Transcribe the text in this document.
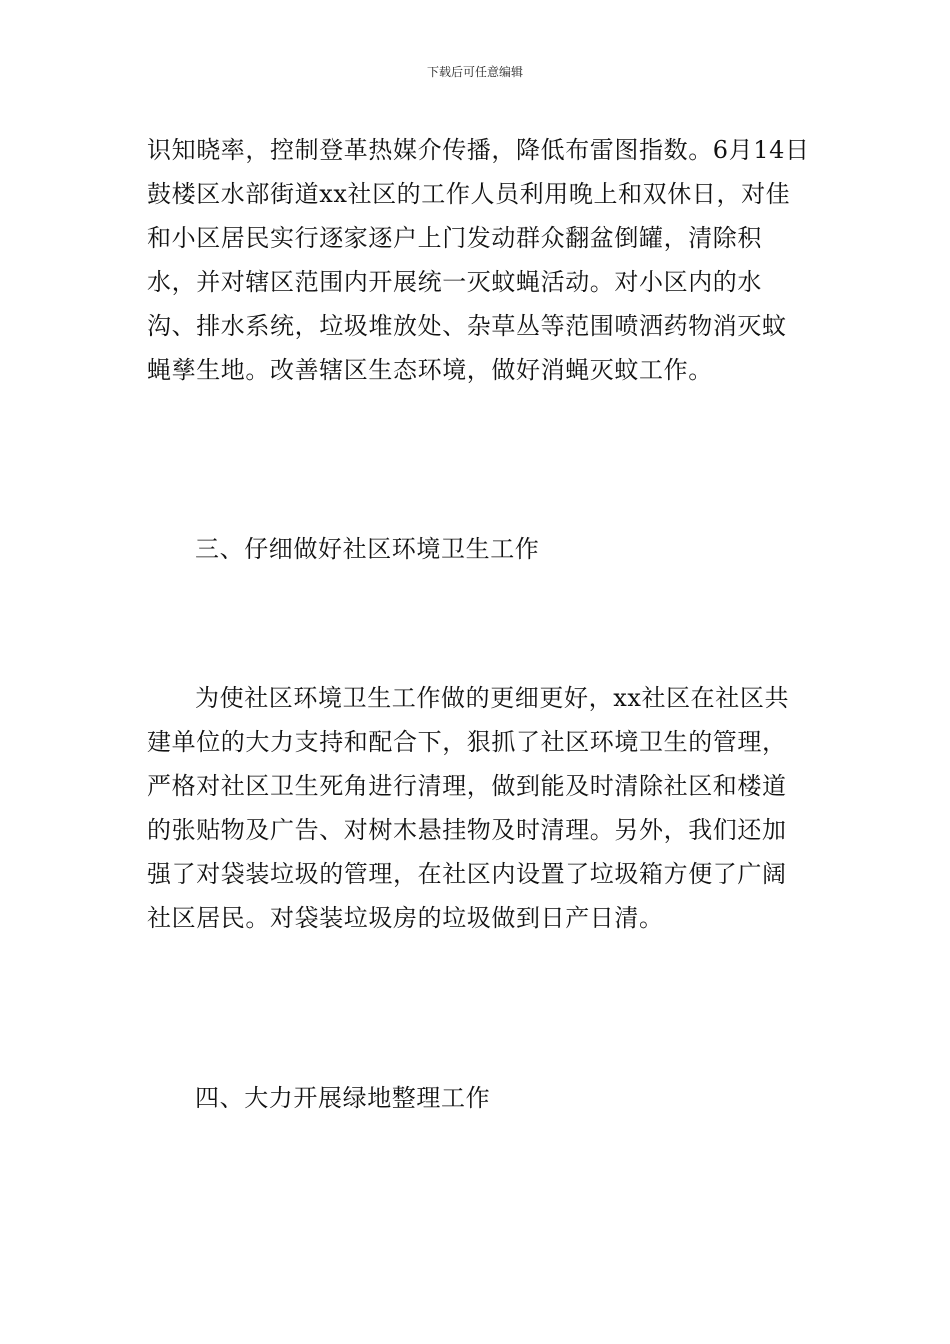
下载后可任意编辑

识知晓率，控制登革热媒介传播，降低布雷图指数。6月14日鼓楼区水部街道xx社区的工作人员利用晚上和双休日，对佳和小区居民实行逐家逐户上门发动群众翻盆倒罐，清除积水，并对辖区范围内开展统一灭蚊蝇活动。对小区内的水沟、排水系统，垃圾堆放处、杂草丛等范围喷洒药物消灭蚊蝇孳生地。改善辖区生态环境，做好消蝇灭蚊工作。

三、仔细做好社区环境卫生工作

为使社区环境卫生工作做的更细更好，xx社区在社区共建单位的大力支持和配合下，狠抓了社区环境卫生的管理，严格对社区卫生死角进行清理，做到能及时清除社区和楼道的张贴物及广告、对树木悬挂物及时清理。另外，我们还加强了对袋装垃圾的管理，在社区内设置了垃圾箱方便了广阔社区居民。对袋装垃圾房的垃圾做到日产日清。

四、大力开展绿地整理工作
